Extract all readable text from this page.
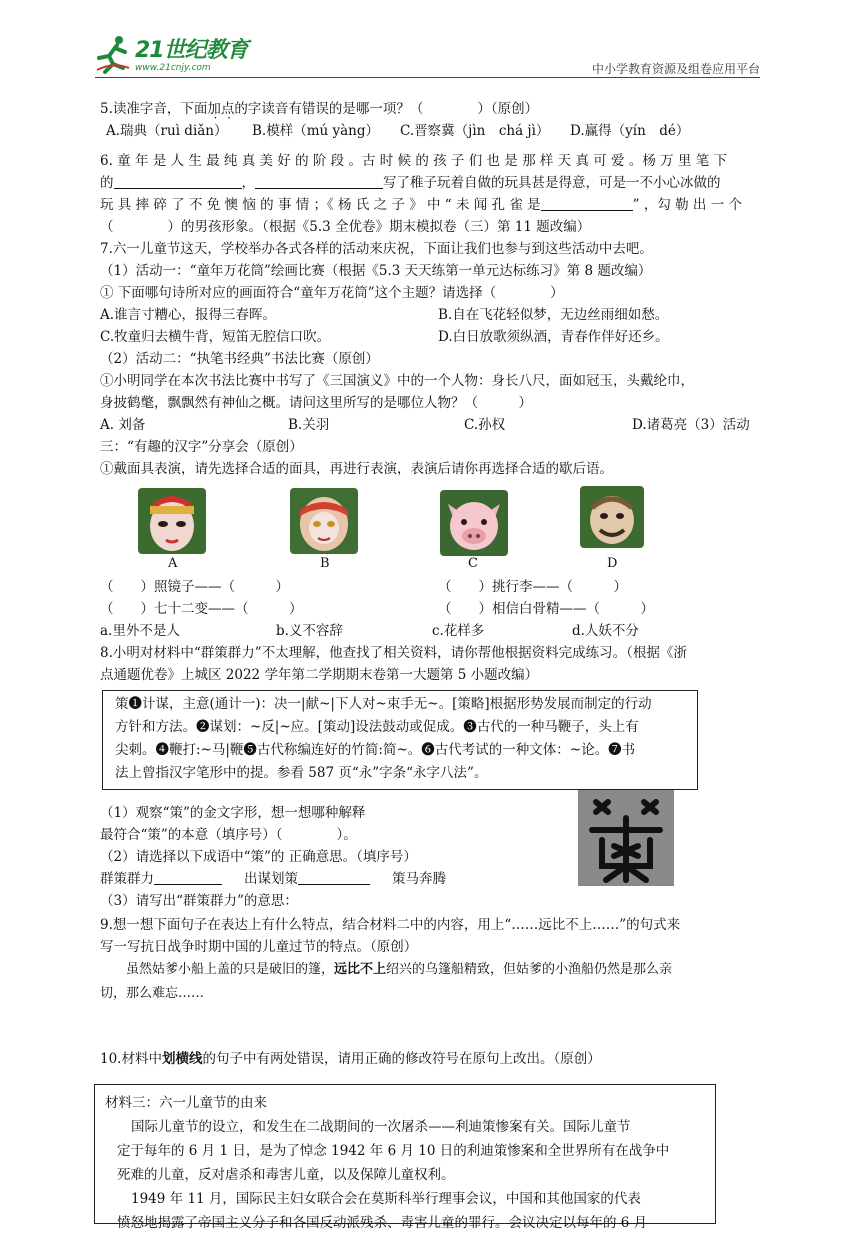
21世纪教育
www.21cnjy.com	中小学教育资源及组卷应用平台
5.读准字音，下面加点的字读音有错误的是哪一项？（　　　　）（原创）
A.瑞典（ruì diǎn）	B.模样（mú yàng）	C.晋察冀（jìn　chá jì）	D.赢得（yín　dé）
6. 童 年 是 人 生 最 纯 真 美 好 的 阶 段 。古 时 候 的 孩 子 们 也 是 那 样 天 真 可 爱 。杨 万 里 笔 下
的	，	写了稚子玩着自做的玩具甚是得意，可是一不小心冰做的
玩 具 摔 碎 了 不 免 懊 恼 的 事 情 ；《 杨 氏 之 子 》 中 “ 未 闻 孔 雀 是	” ，勾 勒 出 一 个
（　　　　）的男孩形象。（根据《5.3 全优卷》期末模拟卷（三）第 11 题改编）
7.六一儿童节这天，学校举办各式各样的活动来庆祝，下面让我们也参与到这些活动中去吧。
（1）活动一：“童年万花筒”绘画比赛（根据《5.3 天天练第一单元达标练习》第 8 题改编）
① 下面哪句诗所对应的画面符合“童年万花筒”这个主题？请选择（　　　　）
A.谁言寸糟心，报得三春晖。	B.自在飞花轻似梦，无边丝雨细如愁。
C.牧童归去横牛背，短笛无腔信口吹。	D.白日放歌须纵酒，青春作伴好还乡。
（2）活动二：“执笔书经典”书法比赛（原创）
①小明同学在本次书法比赛中书写了《三国演义》中的一个人物：身长八尺，面如冠玉，头戴纶巾，
身披鹤氅，飘飘然有神仙之概。请问这里所写的是哪位人物？（　　　）
A. 刘备	B.关羽	C.孙权	D.诸葛亮（3）活动
三：“有趣的汉字”分享会（原创）
①戴面具表演，请先选择合适的面具，再进行表演，表演后请你再选择合适的歇后语。
A	B	C	D
（　　）照镜子——（　　　）	（　　）挑行李——（　　　）
（　　）七十二变——（　　　）	（　　）相信白骨精——（　　　）
a.里外不是人	b.义不容辞	c.花样多	d.人妖不分
8.小明对材料中“群策群力”不太理解，他查找了相关资料，请你帮他根据资料完成练习。（根据《浙
点通题优卷》上城区 2022 学年第二学期期末卷第一大题第 5 小题改编）
策❶计谋，主意(通计一)：决一|献~|下人对~束手无~。[策略]根据形势发展而制定的行动
方针和方法。❷谋划：~反|~应。[策动]设法鼓动或促成。❸古代的一种马鞭子，头上有
尖刺。❹鞭打:~马|鞭❺古代称编连好的竹简:简~。❻古代考试的一种文体：~论。❼书
法上曾指汉字笔形中的提。参看 587 页“永”字条“永字八法”。
（1）观察“策”的金文字形，想一想哪种解释
最符合“策”的本意（填序号）（　　　　）。
（2）请选择以下成语中“策”的 正确意思。（填序号）
群策群力	出谋划策	策马奔腾
（3）请写出“群策群力”的意思：
9.想一想下面句子在表达上有什么特点，结合材料二中的内容，用上“……远比不上……”的句式来
写一写抗日战争时期中国的儿童过节的特点。（原创）
虽然姑爹小船上盖的只是破旧的篷，远比不上绍兴的乌篷船精致，但姑爹的小渔船仍然是那么亲
切，那么难忘……
10.材料中划横线的句子中有两处错误，请用正确的修改符号在原句上改出。（原创）
材料三：六一儿童节的由来
国际儿童节的设立，和发生在二战期间的一次屠杀——利迪策惨案有关。国际儿童节
定于每年的 6 月 1 日，是为了悼念 1942 年 6 月 10 日的利迪策惨案和全世界所有在战争中
死难的儿童，反对虐杀和毒害儿童，以及保障儿童权利。
1949 年 11 月，国际民主妇女联合会在莫斯科举行理事会议，中国和其他国家的代表
愤怒地揭露了帝国主义分子和各国反动派残杀、毒害儿童的罪行。会议决定以每年的 6 月
